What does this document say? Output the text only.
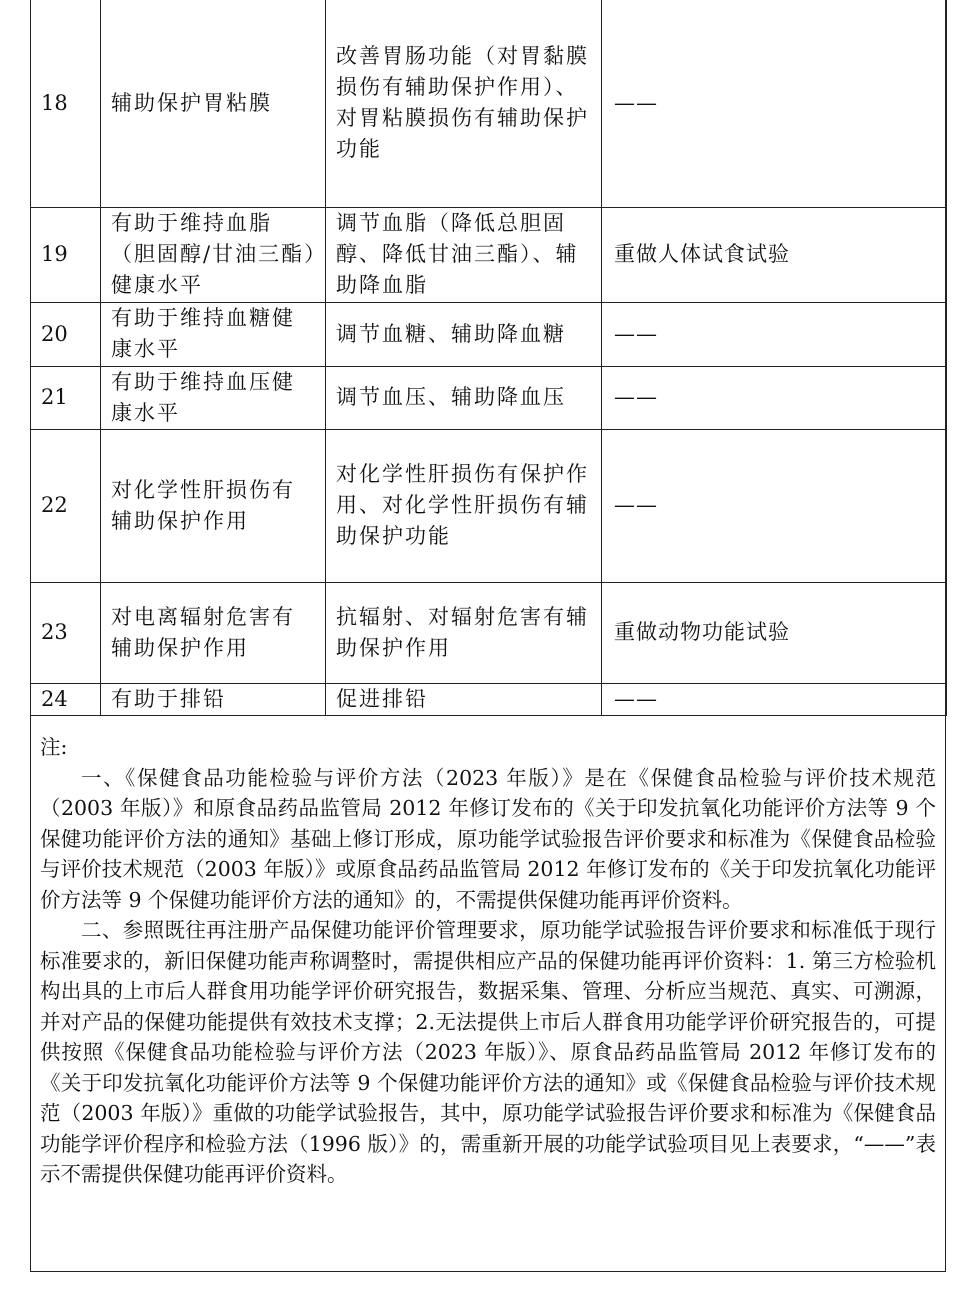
18	辅助保护胃粘膜	改善胃肠功能（对胃黏膜损伤有辅助保护作用）、对胃粘膜损伤有辅助保护功能	——
19	有助于维持血脂（胆固醇/甘油三酯）健康水平	调节血脂（降低总胆固醇、降低甘油三酯）、辅助降血脂	重做人体试食试验
20	有助于维持血糖健康水平	调节血糖、辅助降血糖	——
21	有助于维持血压健康水平	调节血压、辅助降血压	——
22	对化学性肝损伤有辅助保护作用	对化学性肝损伤有保护作用、对化学性肝损伤有辅助保护功能	——
23	对电离辐射危害有辅助保护作用	抗辐射、对辐射危害有辅助保护作用	重做动物功能试验
24	有助于排铅	促进排铅	——

注:

一、《保健食品功能检验与评价方法（2023 年版）》是在《保健食品检验与评价技术规范（2003 年版）》和原食品药品监管局 2012 年修订发布的《关于印发抗氧化功能评价方法等 9 个保健功能评价方法的通知》基础上修订形成，原功能学试验报告评价要求和标准为《保健食品检验与评价技术规范（2003 年版）》或原食品药品监管局 2012 年修订发布的《关于印发抗氧化功能评价方法等 9 个保健功能评价方法的通知》的，不需提供保健功能再评价资料。

二、参照既往再注册产品保健功能评价管理要求，原功能学试验报告评价要求和标准低于现行标准要求的，新旧保健功能声称调整时，需提供相应产品的保健功能再评价资料：1. 第三方检验机构出具的上市后人群食用功能学评价研究报告，数据采集、管理、分析应当规范、真实、可溯源，并对产品的保健功能提供有效技术支撑；2.无法提供上市后人群食用功能学评价研究报告的，可提供按照《保健食品功能检验与评价方法（2023 年版）》、原食品药品监管局 2012 年修订发布的《关于印发抗氧化功能评价方法等 9 个保健功能评价方法的通知》或《保健食品检验与评价技术规范（2003 年版）》重做的功能学试验报告，其中，原功能学试验报告评价要求和标准为《保健食品功能学评价程序和检验方法（1996 版）》的，需重新开展的功能学试验项目见上表要求，“——”表示不需提供保健功能再评价资料。
